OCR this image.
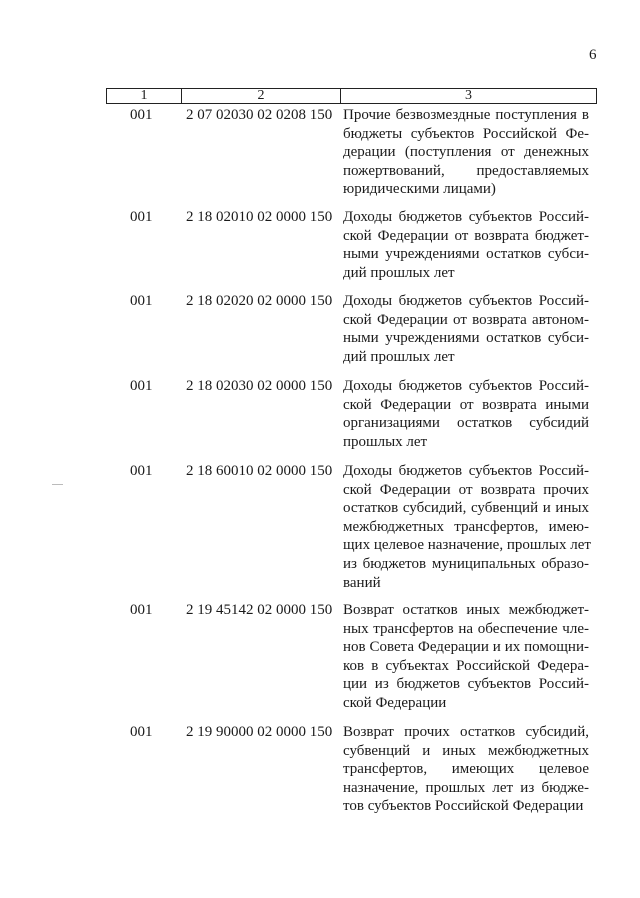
6
1	2	3
001 2 07 02030 02 0208 150 Прочие безвозмездные поступления в
бюджеты субъектов Российской Фе-
дерации (поступления от денежных
пожертвований, предоставляемых
юридическими лицами)
001 2 18 02010 02 0000 150 Доходы бюджетов субъектов Россий-
ской Федерации от возврата бюджет-
ными учреждениями остатков субси-
дий прошлых лет
001 2 18 02020 02 0000 150 Доходы бюджетов субъектов Россий-
ской Федерации от возврата автоном-
ными учреждениями остатков субси-
дий прошлых лет
001 2 18 02030 02 0000 150 Доходы бюджетов субъектов Россий-
ской Федерации от возврата иными
организациями остатков субсидий
прошлых лет
001 2 18 60010 02 0000 150 Доходы бюджетов субъектов Россий-
ской Федерации от возврата прочих
остатков субсидий, субвенций и иных
межбюджетных трансфертов, имею-
щих целевое назначение, прошлых лет
из бюджетов муниципальных образо-
ваний
001 2 19 45142 02 0000 150 Возврат остатков иных межбюджет-
ных трансфертов на обеспечение чле-
нов Совета Федерации и их помощни-
ков в субъектах Российской Федера-
ции из бюджетов субъектов Россий-
ской Федерации
001 2 19 90000 02 0000 150 Возврат прочих остатков субсидий,
субвенций и иных межбюджетных
трансфертов, имеющих целевое
назначение, прошлых лет из бюдже-
тов субъектов Российской Федерации
